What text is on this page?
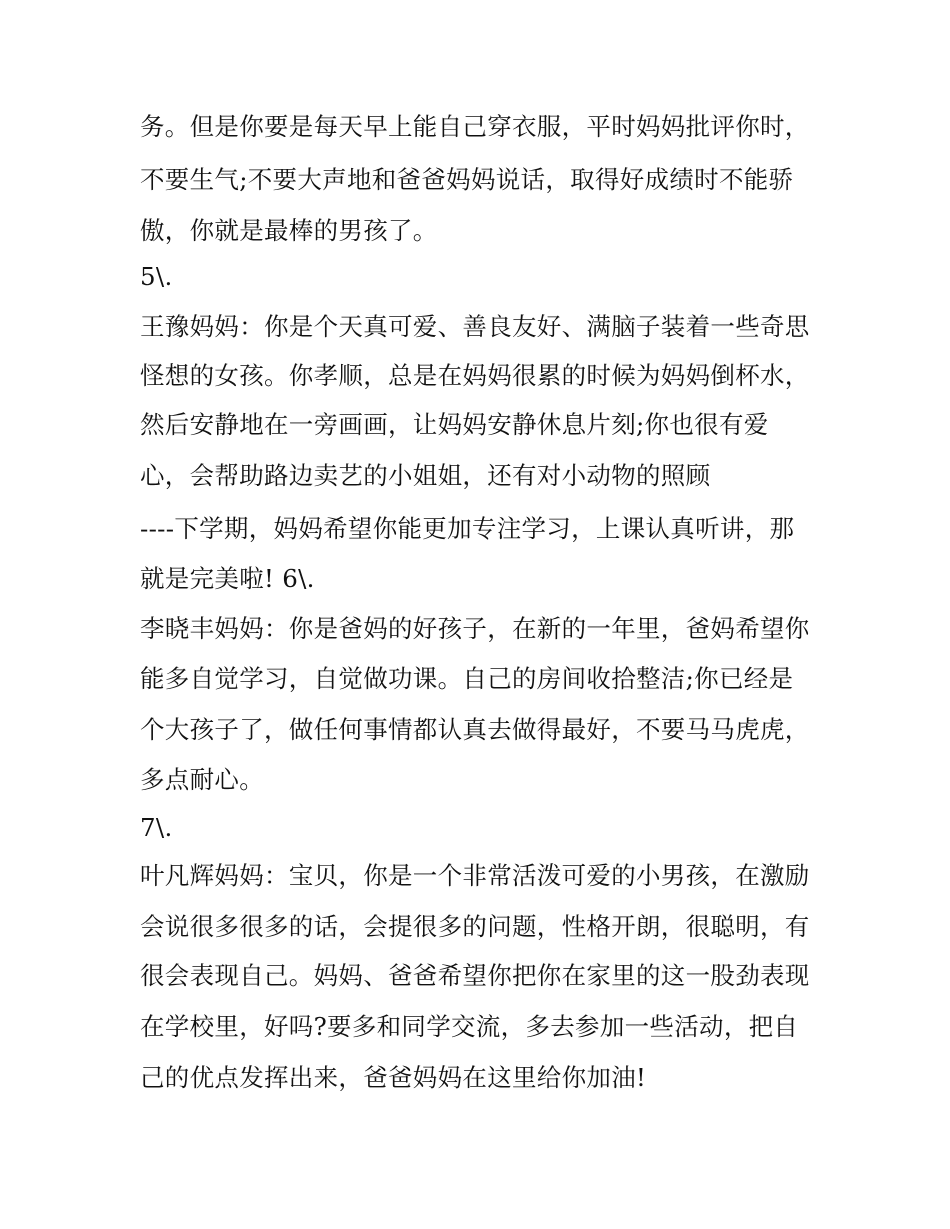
务。但是你要是每天早上能自己穿衣服，平时妈妈批评你时，
不要生气;不要大声地和爸爸妈妈说话，取得好成绩时不能骄
傲，你就是最棒的男孩了。
5\.
王豫妈妈：你是个天真可爱、善良友好、满脑子装着一些奇思
怪想的女孩。你孝顺，总是在妈妈很累的时候为妈妈倒杯水，
然后安静地在一旁画画，让妈妈安静休息片刻;你也很有爱
心，会帮助路边卖艺的小姐姐，还有对小动物的照顾
----下学期，妈妈希望你能更加专注学习，上课认真听讲，那
就是完美啦! 6\.
李晓丰妈妈：你是爸妈的好孩子，在新的一年里，爸妈希望你
能多自觉学习，自觉做功课。自己的房间收拾整洁;你已经是
个大孩子了，做任何事情都认真去做得最好，不要马马虎虎，
多点耐心。
7\.
叶凡辉妈妈：宝贝，你是一个非常活泼可爱的小男孩，在激励
会说很多很多的话，会提很多的问题，性格开朗，很聪明，有
很会表现自己。妈妈、爸爸希望你把你在家里的这一股劲表现
在学校里，好吗?要多和同学交流，多去参加一些活动，把自
己的优点发挥出来，爸爸妈妈在这里给你加油!
